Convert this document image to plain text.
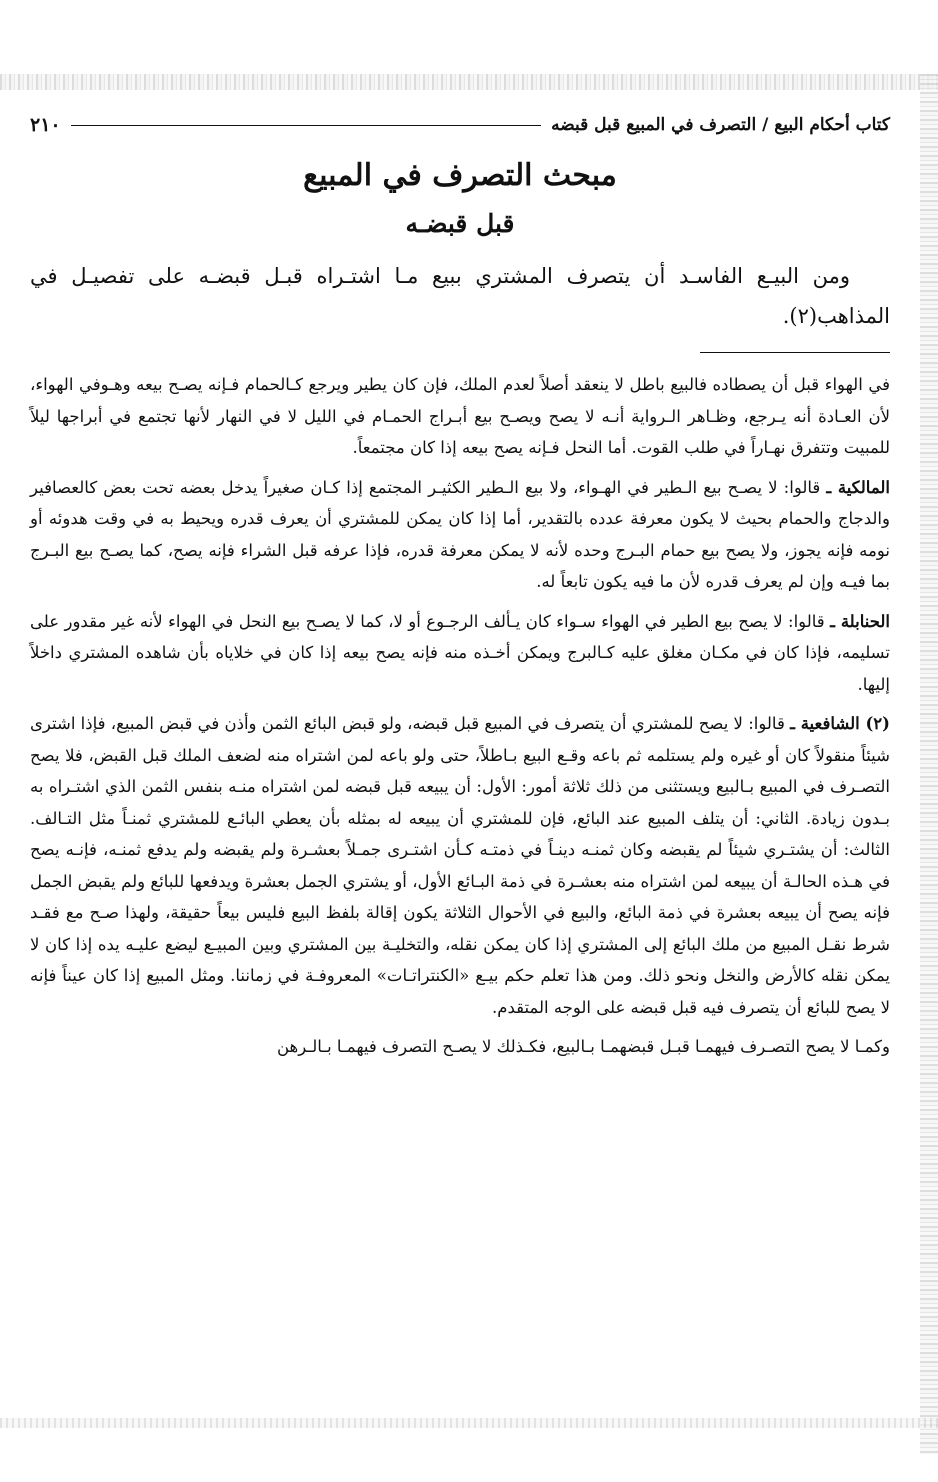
كتاب أحكام البيع / التصرف في المبيع قبل قبضه
٢١٠
مبحث التصرف في المبيع
قبل قبضـه

ومن البيـع الفاسـد أن يتصرف المشتري ببيع مـا اشتـراه قبـل قبضـه على تفصيـل في المذاهب(٢).

في الهواء قبل أن يصطاده فالبيع باطل لا ينعقد أصلاً لعدم الملك، فإن كان يطير ويرجع كـالحمام فـإنه يصـح بيعه وهـوفي الهواء، لأن العـادة أنه يـرجع، وظـاهر الـرواية أنـه لا يصح ويصـح بيع أبـراج الحمـام في الليل لا في النهار لأنها تجتمع في أبراجها ليلاً للمبيت وتتفرق نهـاراً في طلب القوت. أما النحل فـإنه يصح بيعه إذا كان مجتمعاً.

المالكية ـ قالوا: لا يصـح بيع الـطير في الهـواء، ولا بيع الـطير الكثيـر المجتمع إذا كـان صغيراً يدخل بعضه تحت بعض كالعصافير والدجاج والحمام بحيث لا يكون معرفة عدده بالتقدير، أما إذا كان يمكن للمشتري أن يعرف قدره ويحيط به في وقت هدوئه أو نومه فإنه يجوز، ولا يصح بيع حمام البـرج وحده لأنه لا يمكن معرفة قدره، فإذا عرفه قبل الشراء فإنه يصح، كما يصـح بيع البـرج بما فيـه وإن لم يعرف قدره لأن ما فيه يكون تابعاً له.

الحنابلة ـ قالوا: لا يصح بيع الطير في الهواء سـواء كان يـألف الرجـوع أو لا، كما لا يصـح بيع النحل في الهواء لأنه غير مقدور على تسليمه، فإذا كان في مكـان مغلق عليه كـالبرج ويمكن أخـذه منه فإنه يصح بيعه إذا كان في خلاياه بأن شاهده المشتري داخلاً إليها.

(٢) الشافعية ـ قالوا: لا يصح للمشتري أن يتصرف في المبيع قبل قبضه، ولو قبض البائع الثمن وأذن في قبض المبيع، فإذا اشترى شيئاً منقولاً كان أو غيره ولم يستلمه ثم باعه وقـع البيع بـاطلاً، حتى ولو باعه لمن اشتراه منه لضعف الملك قبل القبض، فلا يصح التصـرف في المبيع بـالبيع ويستثنى من ذلك ثلاثة أمور: الأول: أن يبيعه قبل قبضه لمن اشتراه منـه بنفس الثمن الذي اشتـراه به بـدون زيادة. الثاني: أن يتلف المبيع عند البائع، فإن للمشتري أن يبيعه له بمثله بأن يعطي البائـع للمشتري ثمنـاً مثل التـالف. الثالث: أن يشتـري شيئاً لم يقبضه وكان ثمنـه دينـاً في ذمتـه كـأن اشتـرى جمـلاً بعشـرة ولم يقبضه ولم يدفع ثمنـه، فإنـه يصح في هـذه الحالـة أن يبيعه لمن اشتراه منه بعشـرة في ذمة البـائع الأول، أو يشتري الجمل بعشرة ويدفعها للبائع ولم يقبض الجمل فإنه يصح أن يبيعه بعشرة في ذمة البائع، والبيع في الأحوال الثلاثة يكون إقالة بلفظ البيع فليس بيعاً حقيقة، ولهذا صـح مع فقـد شرط نقـل المبيع من ملك البائع إلى المشتري إذا كان يمكن نقله، والتخليـة بين المشتري وبين المبيـع ليضع عليـه يده إذا كان لا يمكن نقله كالأرض والنخل ونحو ذلك. ومن هذا تعلم حكم بيـع «الكنتراتـات» المعروفـة في زماننا. ومثل المبيع إذا كان عيناً فإنه لا يصح للبائع أن يتصرف فيه قبل قبضه على الوجه المتقدم.

وكمـا لا يصح التصـرف فيهمـا قبـل قبضهمـا بـالبيع، فكـذلك لا يصـح التصرف فيهمـا بـالـرهن
